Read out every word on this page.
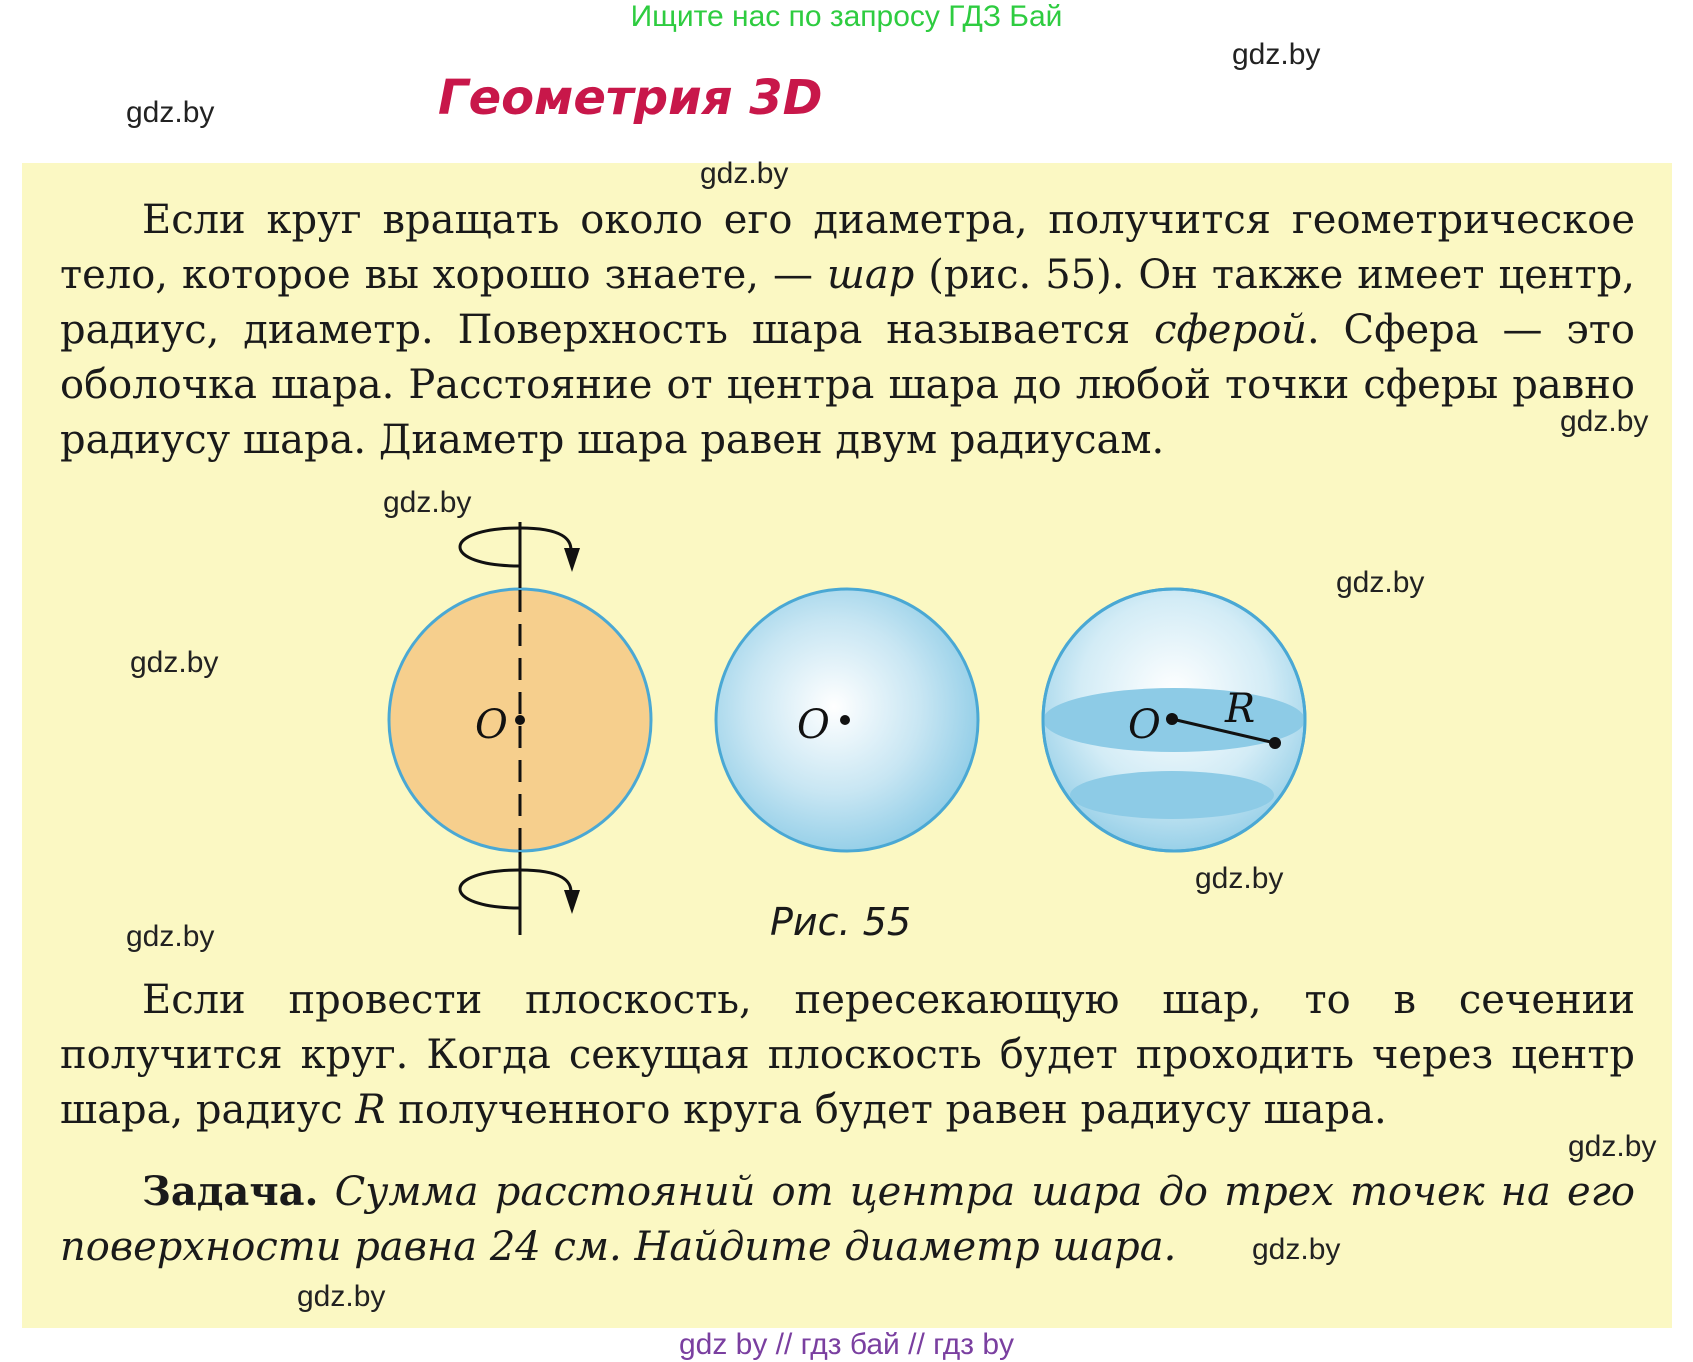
Ищите нас по запросу ГДЗ Бай
gdz.by
gdz.by	Геометрия 3D
gdz.by
Если круг вращать около его диаметра, получится геометрическое тело, которое вы хорошо знаете, — шар (рис. 55). Он также имеет центр, радиус, диаметр. Поверхность шара называется сферой. Сфера — это оболочка шара. Расстояние от центра шара до любой точки сферы равно радиусу шара. Диаметр шара равен двум радиусам.	gdz.by
gdz.by
gdz.by
gdz.by
gdz.by
gdz.by
O	O	O R
Рис. 55
Если провести плоскость, пересекающую шар, то в сечении получится круг. Когда секущая плоскость будет проходить через центр шара, радиус R полученного круга будет равен радиусу шара.
gdz.by
Задача. Сумма расстояний от центра шара до трех точек на его поверхности равна 24 см. Найдите диаметр шара.	gdz.by
gdz.by
gdz by // гдз бай // гдз by
